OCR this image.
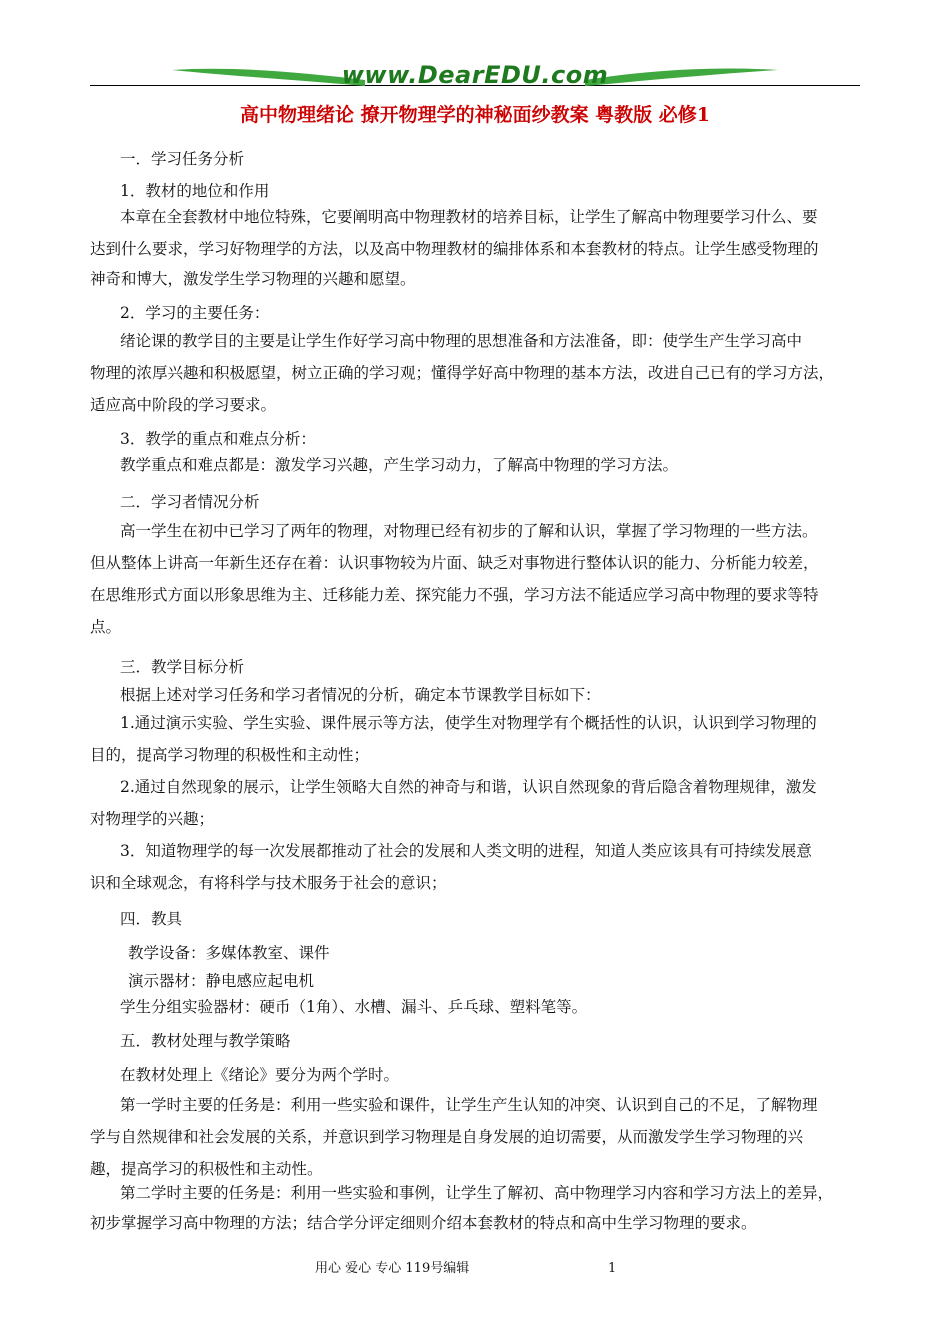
www.DearEDU.com
高中物理绪论 撩开物理学的神秘面纱教案 粤教版 必修1
一．学习任务分析
1．教材的地位和作用
本章在全套教材中地位特殊，它要阐明高中物理教材的培养目标，让学生了解高中物理要学习什么、要
达到什么要求，学习好物理学的方法，以及高中物理教材的编排体系和本套教材的特点。让学生感受物理的
神奇和博大，激发学生学习物理的兴趣和愿望。
2．学习的主要任务：
绪论课的教学目的主要是让学生作好学习高中物理的思想准备和方法准备，即：使学生产生学习高中
物理的浓厚兴趣和积极愿望，树立正确的学习观；懂得学好高中物理的基本方法，改进自己已有的学习方法，
适应高中阶段的学习要求。
3．教学的重点和难点分析：
教学重点和难点都是：激发学习兴趣，产生学习动力，了解高中物理的学习方法。
二．学习者情况分析
高一学生在初中已学习了两年的物理，对物理已经有初步的了解和认识，掌握了学习物理的一些方法。
但从整体上讲高一年新生还存在着：认识事物较为片面、缺乏对事物进行整体认识的能力、分析能力较差，
在思维形式方面以形象思维为主、迁移能力差、探究能力不强，学习方法不能适应学习高中物理的要求等特
点。
三．教学目标分析
根据上述对学习任务和学习者情况的分析，确定本节课教学目标如下：
1.通过演示实验、学生实验、课件展示等方法，使学生对物理学有个概括性的认识，认识到学习物理的
目的，提高学习物理的积极性和主动性；
2.通过自然现象的展示，让学生领略大自然的神奇与和谐，认识自然现象的背后隐含着物理规律，激发
对物理学的兴趣；
3．知道物理学的每一次发展都推动了社会的发展和人类文明的进程，知道人类应该具有可持续发展意
识和全球观念，有将科学与技术服务于社会的意识；
四．教具
教学设备：多媒体教室、课件
演示器材：静电感应起电机
学生分组实验器材：硬币（1角）、水槽、漏斗、乒乓球、塑料笔等。
五．教材处理与教学策略
在教材处理上《绪论》要分为两个学时。
第一学时主要的任务是：利用一些实验和课件，让学生产生认知的冲突、认识到自己的不足，了解物理
学与自然规律和社会发展的关系，并意识到学习物理是自身发展的迫切需要，从而激发学生学习物理的兴
趣，提高学习的积极性和主动性。
第二学时主要的任务是：利用一些实验和事例，让学生了解初、高中物理学习内容和学习方法上的差异，
初步掌握学习高中物理的方法；结合学分评定细则介绍本套教材的特点和高中生学习物理的要求。
用心 爱心 专心 119号编辑	1
